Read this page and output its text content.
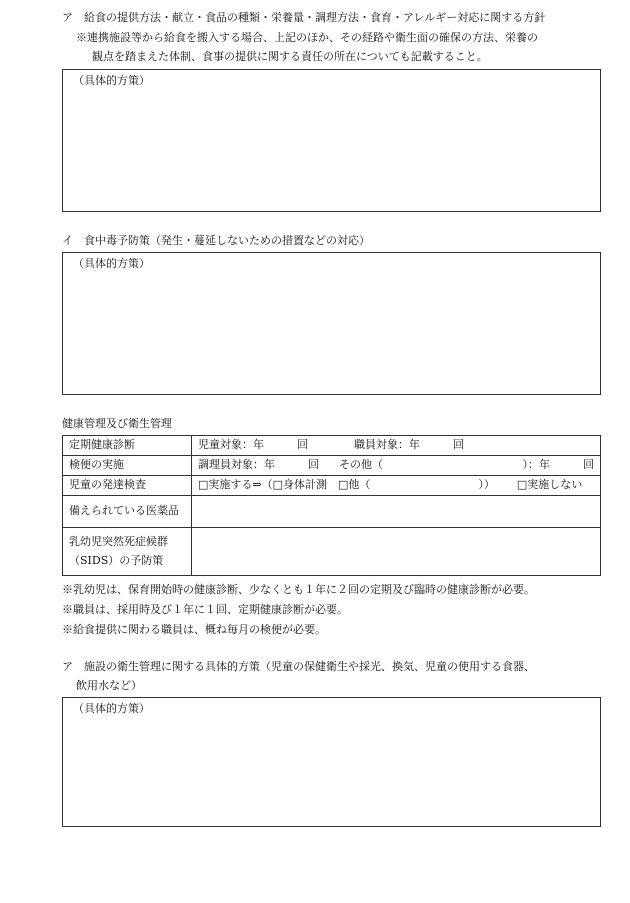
ア　給食の提供方法・献立・食品の種類・栄養量・調理方法・食育・アレルギー対応に関する方針
※連携施設等から給食を搬入する場合、上記のほか、その経路や衛生面の確保の方法、栄養の
観点を踏まえた体制、食事の提供に関する責任の所在についても記載すること。
（具体的方策）
イ　食中毒予防策（発生・蔓延しないための措置などの対応）
（具体的方策）
健康管理及び衛生管理
定期健康診断	児童対象：年　　　回 職員対象：年　　　回
検便の実施	調理員対象：年　　　回 その他（ ）：年　　　回

児童の発達検査	□実施する⇒（□身体計測　□他（ ）） □実施しない
備えられている医薬品	

乳幼児突然死症候群
（SIDS）の予防策	

※乳幼児は、保育開始時の健康診断、少なくとも１年に２回の定期及び臨時の健康診断が必要。
※職員は、採用時及び１年に１回、定期健康診断が必要。
※給食提供に関わる職員は、概ね毎月の検便が必要。
ア　施設の衛生管理に関する具体的方策（児童の保健衛生や採光、換気、児童の使用する食器、
飲用水など）
（具体的方策）
